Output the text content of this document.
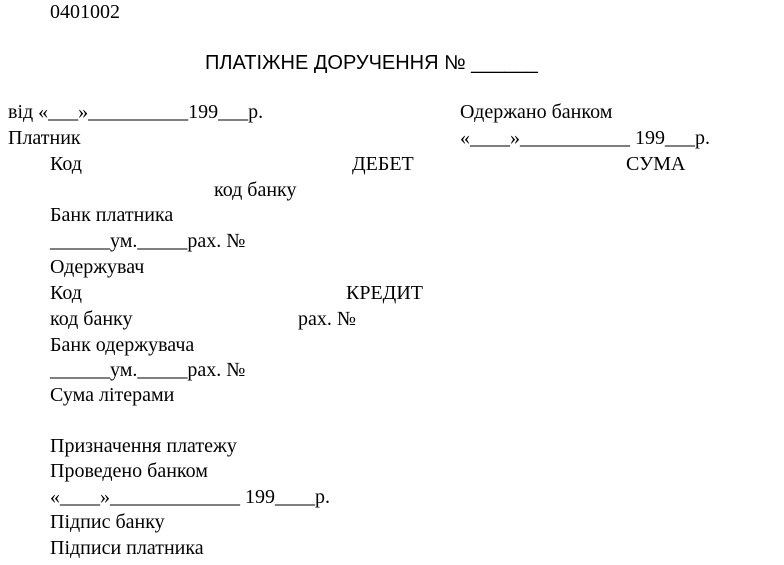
0401002
ПЛАТІЖНЕ ДОРУЧЕННЯ № ______
від «___»__________199___р.	Одержано банком
Платник	«____»___________ 199___р.
Код	ДЕБЕТ	СУМА
код банку
Банк платника
______ум._____рах. №
Одержувач
Код	КРЕДИТ
код банку	рах. №
Банк одержувача
______ум._____рах. №
Сума літерами
Призначення платежу
Проведено банком
«____»_____________ 199____р.
Підпис банку
Підписи платника
